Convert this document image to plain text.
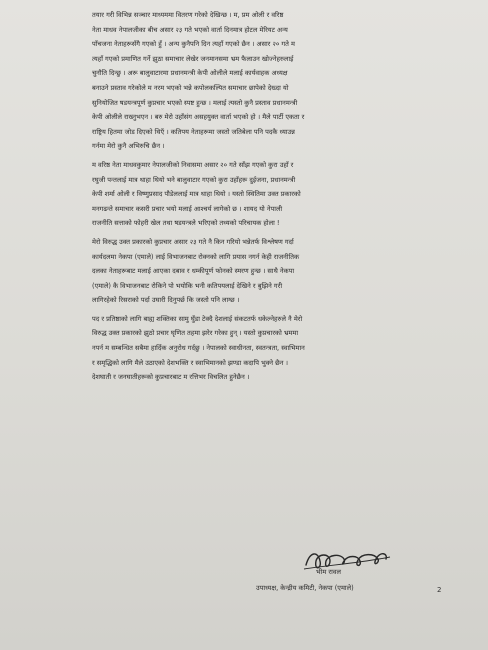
तयार गरी विभिन्न सञ्चार माध्यममा वितरण गरेको देखिन्छ । म, प्रम ओली र वरिष्ठ
नेता माधव नेपालजीका बीच असार २३ गते भएको वार्ता दिनमात्र होटल मेरियट अन्य
पाँचजना नेताहरूसँगै गएको हुँ । अन्य कुनैपनि दिन त्यहाँ गएको छैन । असार २० गते म
त्यहाँ गएको प्रमाणित गर्ने झुठा समाचार लेखेर जनमानसमा भ्रम फैलाउन खोज्नेहरुलाई
चुनौति दिन्छु । अरू बालुवाटारमा प्रधानमन्त्री केपी ओलीले मलाई कार्यवाहक अध्यक्ष
बनाउने प्रस्ताव गरेकोले म नरम भएको भन्ने कपोलकल्पित समाचार छापेको देख्दा यो
सुनियोजित षडयन्त्रपूर्ण कुप्रचार भएको स्पष्ट हुन्छ । मलाई त्यस्तो कुनै प्रस्ताव प्रधानमन्त्री
केपी ओलीले राख्नुभएन । बरु मेरो उहाँसंग असहयुक्त वार्ता भएको हो । मैले पार्टी एकता र
राष्ट्रिय हितमा जोड दिएको थिएँ । कतिपय नेताहरूमा जस्तो जतिबेला पनि पदकै ध्याउन्न
गर्नमा मेरो कुनै अभिरुचि छैन ।

म वरिष्ठ नेता माधवकुमार नेपालजीको निवासमा असार २० गते साँझ गएको कुरा उहाँ र
रघुजी पन्तलाई मात्र थाहा थियो भने बालुवाटार गएको कुरा उहाँहरू दुईजना, प्रधानमन्त्री
केपी शर्मा ओली र विष्णुप्रसाद पौडेललाई मात्र थाहा थियो । यस्तो स्थितिमा उक्त प्रकारको
मनगढन्ते समाचार कसरी प्रचार भयो मलाई आश्चर्य लागेको छ । शायद यो नेपाली
राजनीति सत्ताको फोहरी खेल तथा षडयन्त्रले भरिएको तथ्यको परिचायक होला !

मेरो विरुद्ध उक्त प्रकारको कुप्रचार असार २३ गते नै किन गरियो भन्नेतर्फ विश्लेषण गर्दा
कार्यदलमा नेकपा (एमाले) लाई विभाजनबाट रोक्नको लागि प्रयास नगर्न केही राजनीतिक
दलका नेताहरूबाट मलाई आएका दबाव र धम्कीपूर्ण फोनको स्मरण हुन्छ । साथै नेकपा
(एमाले) कै विभाजनबाट रोकिने पो भयोकि भनी कतिपयलाई देखिने र बुझिने गरी
लागिरहेको रिसराको पर्दा उघारी दिनुपर्छ कि जस्तो पनि लाग्छ ।

पद र प्रतिष्ठाको लागि बाह्य शक्तिका सामु घुँडा टेक्दै देशलाई संकटतर्फ धकेल्नेहरुले नै मेरो
विरुद्ध उक्त प्रकारको झुठो प्रचार घृणित तहमा झरेर गरेका हुन् । यस्तो कुप्रचारको भ्रममा
नपर्न म सम्बन्धित सबैमा हार्दिक अनुरोध गर्दछु । नेपालको स्वाधीनता, स्वतन्त्रता, स्वाभिमान
र समृद्धिको लागि मैले उठाएको देशभक्ति र स्वाभिमानको झण्डा कदापि भुक्ने छैन ।
देशघाती र जनघातीहरूको कुप्रचारबाट म रत्तिभर विचलित हुनेछैन ।

भीम रावल
उपाध्यक्ष, केन्द्रीय कमिटी, नेकपा (एमाले)	2
